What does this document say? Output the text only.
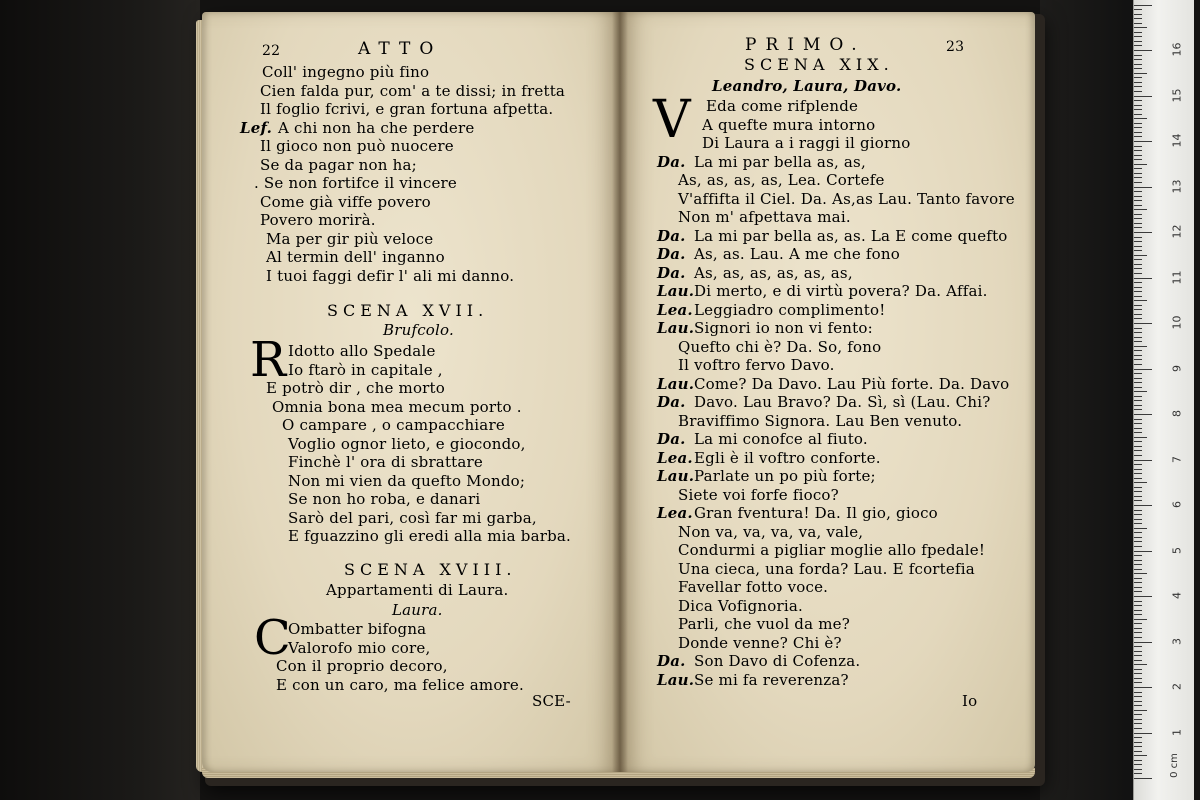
22	ATTO
Coll' ingegno più fino
Cien falda pur, com' a te dissi; in fretta
Il foglio fcrivi, e gran fortuna afpetta.
A chi non ha che perdere
Il gioco non può nuocere
Se da pagar non ha;
. Se non fortifce il vincere
Come già viffe povero
Povero morirà.
Ma per gir più veloce
Al termin dell' inganno
I tuoi faggi defir l' ali mi danno.
Lef.
SCENA XVII.
Brufcolo.
R Idotto allo Spedale
Io ftarò in capitale ,
E potrò dir , che morto
Omnia bona mea mecum porto .
O campare , o campacchiare
Voglio ognor lieto, e giocondo,
Finchè l' ora di sbrattare
Non mi vien da quefto Mondo;
Se non ho roba, e danari
Sarò del pari, così far mi garba,
E fguazzino gli eredi alla mia barba.
SCENA XVIII.
Appartamenti di Laura.
Laura.
C
Ombatter bifogna
Valorofo mio core,
Con il proprio decoro,
E con un caro, ma felice amore.
SCE-
PRIMO.	23
SCENA XIX.
Leandro, Laura, Davo.
V Eda come rifplende
A quefte mura intorno
Di Laura a i raggi il giorno
Da. La mi par bella as, as,
As, as, as, as, Lea. Cortefe
V'affifta il Ciel. Da. As,as Lau. Tanto favore
Non m' afpettava mai.
Da. La mi par bella as, as. La E come quefto
Da. As, as. Lau. A me che fono
Da. As, as, as, as, as, as,
Lau. Di merto, e di virtù povera? Da. Affai.
Lea. Leggiadro complimento!
Lau. Signori io non vi fento:
Quefto chi è? Da. So, fono
Il voftro fervo Davo.
Lau. Come? Da Davo. Lau Più forte. Da. Davo
Da. Davo. Lau Bravo? Da. Sì, sì (Lau. Chi?
Braviffimo Signora. Lau Ben venuto.
Da. La mi conofce al fiuto.
Lea. Egli è il voftro conforte.
Lau. Parlate un po più forte;
Siete voi forfe fioco?
Lea. Gran fventura! Da. Il gio, gioco
Non va, va, va, va, vale,
Condurmi a pigliar moglie allo fpedale!
Una cieca, una forda? Lau. E fcortefia
Favellar fotto voce.
Dica Vofignoria.
Parli, che vuol da me?
Donde venne? Chi è?
Da. Son Davo di Cofenza.
Lau. Se mi fa reverenza?
Io
16
15
14
13
12
11
10
9
8
7
6
5
4
3
2
1
0 cm
